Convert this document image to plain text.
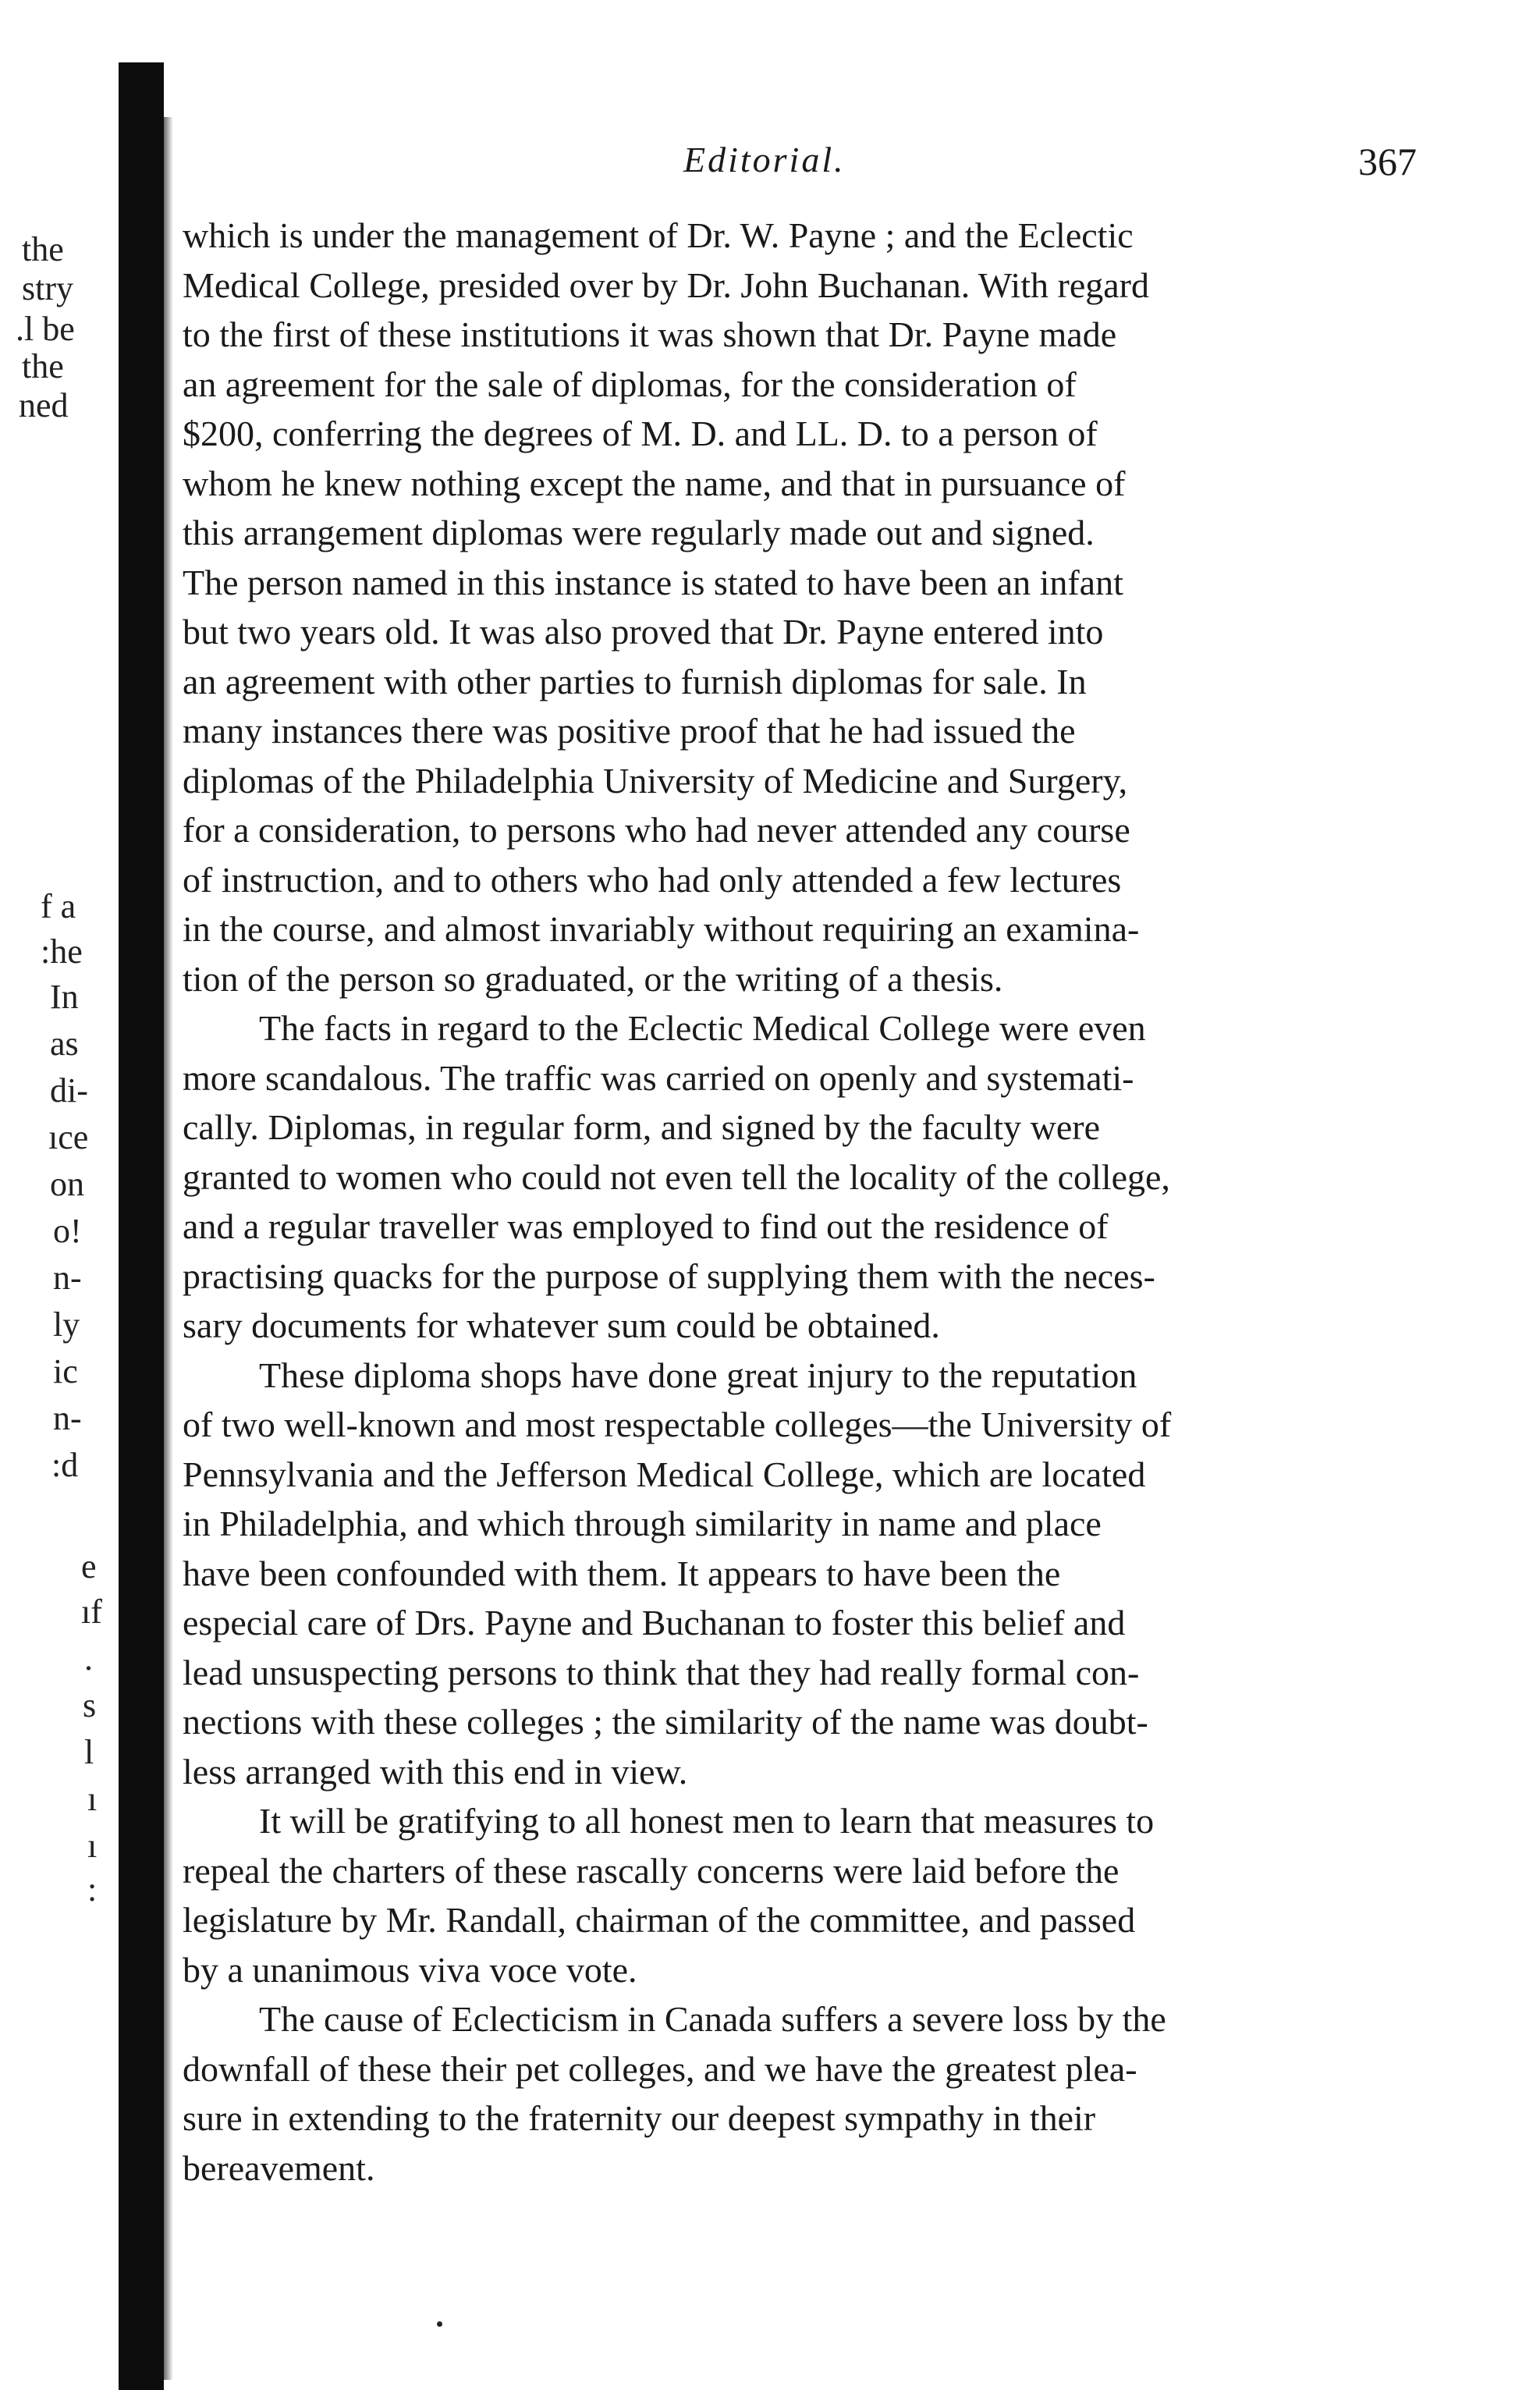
the
stry
.l be
the
ned
f a
:he
In
as
di-
ıce
on
o!
n-
ly
ic
n-
:d
e
ıf
.
s
l
ı
ı
:
Editorial.	367
which is under the management of Dr. W. Payne ; and the Eclectic
Medical College, presided over by Dr. John Buchanan. With regard
to the first of these institutions it was shown that Dr. Payne made
an agreement for the sale of diplomas, for the consideration of
$200, conferring the degrees of M. D. and LL. D. to a person of
whom he knew nothing except the name, and that in pursuance of
this arrangement diplomas were regularly made out and signed.
The person named in this instance is stated to have been an infant
but two years old. It was also proved that Dr. Payne entered into
an agreement with other parties to furnish diplomas for sale. In
many instances there was positive proof that he had issued the
diplomas of the Philadelphia University of Medicine and Surgery,
for a consideration, to persons who had never attended any course
of instruction, and to others who had only attended a few lectures
in the course, and almost invariably without requiring an examina-
tion of the person so graduated, or the writing of a thesis.
The facts in regard to the Eclectic Medical College were even
more scandalous. The traffic was carried on openly and systemati-
cally. Diplomas, in regular form, and signed by the faculty were
granted to women who could not even tell the locality of the college,
and a regular traveller was employed to find out the residence of
practising quacks for the purpose of supplying them with the neces-
sary documents for whatever sum could be obtained.
These diploma shops have done great injury to the reputation
of two well-known and most respectable colleges—the University of
Pennsylvania and the Jefferson Medical College, which are located
in Philadelphia, and which through similarity in name and place
have been confounded with them. It appears to have been the
especial care of Drs. Payne and Buchanan to foster this belief and
lead unsuspecting persons to think that they had really formal con-
nections with these colleges ; the similarity of the name was doubt-
less arranged with this end in view.
It will be gratifying to all honest men to learn that measures to
repeal the charters of these rascally concerns were laid before the
legislature by Mr. Randall, chairman of the committee, and passed
by a unanimous viva voce vote.
The cause of Eclecticism in Canada suffers a severe loss by the
downfall of these their pet colleges, and we have the greatest plea-
sure in extending to the fraternity our deepest sympathy in their
bereavement.
